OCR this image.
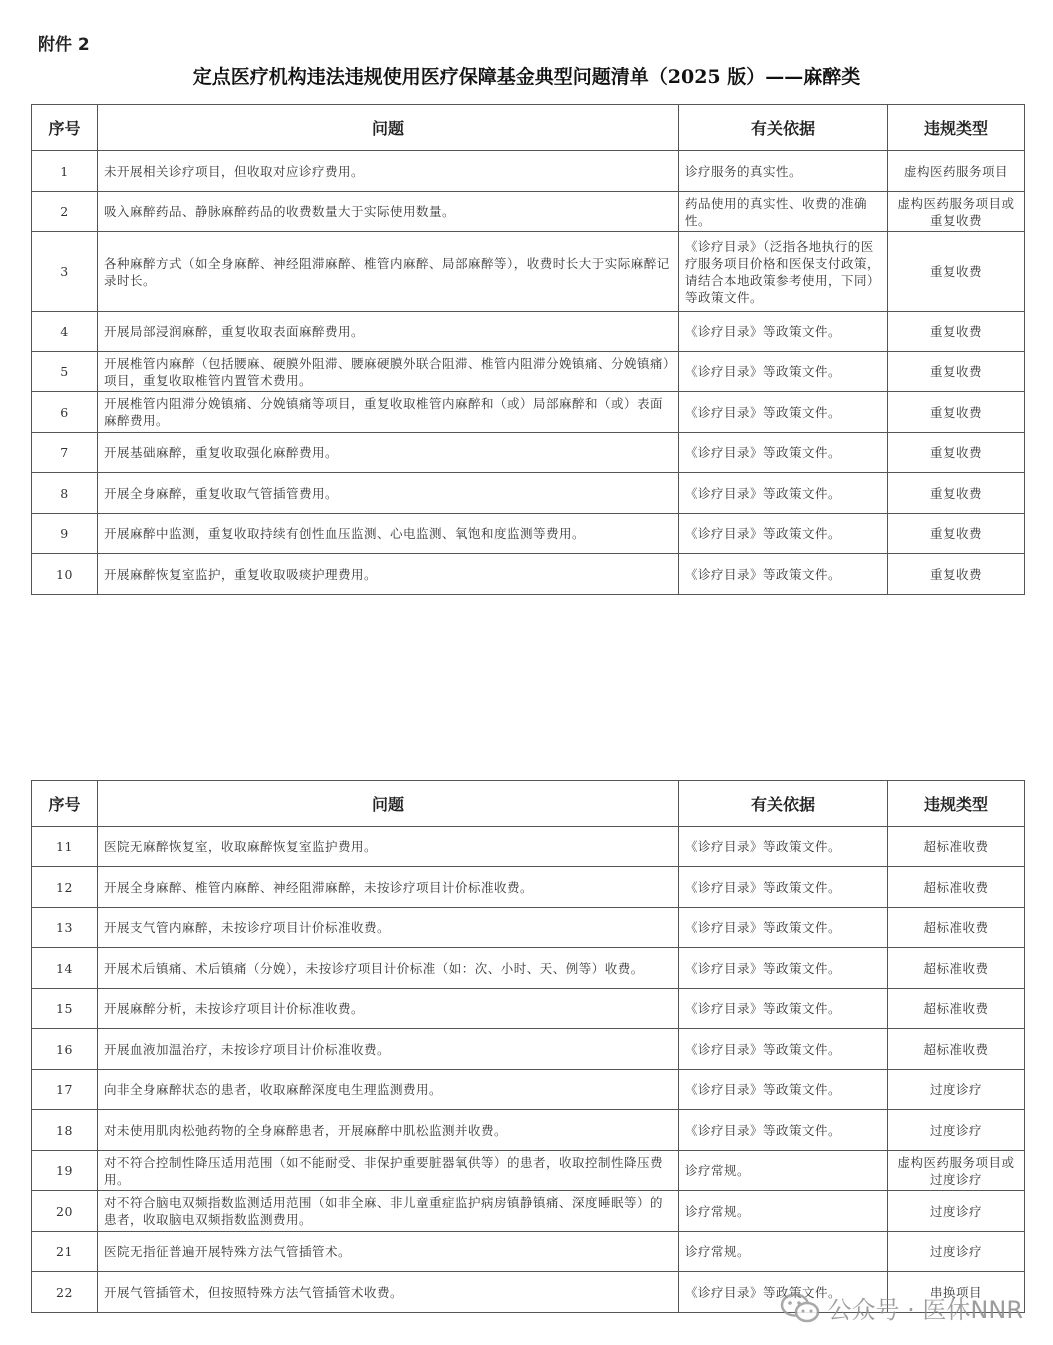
附件 2
定点医疗机构违法违规使用医疗保障基金典型问题清单（2025 版）——麻醉类
序号	问题	有关依据	违规类型
1	未开展相关诊疗项目，但收取对应诊疗费用。	诊疗服务的真实性。	虚构医药服务项目
2	吸入麻醉药品、静脉麻醉药品的收费数量大于实际使用数量。	药品使用的真实性、收费的准确性。	虚构医药服务项目或重复收费
3	各种麻醉方式（如全身麻醉、神经阻滞麻醉、椎管内麻醉、局部麻醉等），收费时长大于实际麻醉记录时长。	《诊疗目录》（泛指各地执行的医疗服务项目价格和医保支付政策，请结合本地政策参考使用，下同）等政策文件。	重复收费
4	开展局部浸润麻醉，重复收取表面麻醉费用。	《诊疗目录》等政策文件。	重复收费
5	开展椎管内麻醉（包括腰麻、硬膜外阻滞、腰麻硬膜外联合阻滞、椎管内阻滞分娩镇痛、分娩镇痛）项目，重复收取椎管内置管术费用。	《诊疗目录》等政策文件。	重复收费
6	开展椎管内阻滞分娩镇痛、分娩镇痛等项目，重复收取椎管内麻醉和（或）局部麻醉和（或）表面麻醉费用。	《诊疗目录》等政策文件。	重复收费
7	开展基础麻醉，重复收取强化麻醉费用。	《诊疗目录》等政策文件。	重复收费
8	开展全身麻醉，重复收取气管插管费用。	《诊疗目录》等政策文件。	重复收费
9	开展麻醉中监测，重复收取持续有创性血压监测、心电监测、氧饱和度监测等费用。	《诊疗目录》等政策文件。	重复收费
10	开展麻醉恢复室监护，重复收取吸痰护理费用。	《诊疗目录》等政策文件。	重复收费
序号	问题	有关依据	违规类型
11	医院无麻醉恢复室，收取麻醉恢复室监护费用。	《诊疗目录》等政策文件。	超标准收费
12	开展全身麻醉、椎管内麻醉、神经阻滞麻醉，未按诊疗项目计价标准收费。	《诊疗目录》等政策文件。	超标准收费
13	开展支气管内麻醉，未按诊疗项目计价标准收费。	《诊疗目录》等政策文件。	超标准收费
14	开展术后镇痛、术后镇痛（分娩），未按诊疗项目计价标准（如：次、小时、天、例等）收费。	《诊疗目录》等政策文件。	超标准收费
15	开展麻醉分析，未按诊疗项目计价标准收费。	《诊疗目录》等政策文件。	超标准收费
16	开展血液加温治疗，未按诊疗项目计价标准收费。	《诊疗目录》等政策文件。	超标准收费
17	向非全身麻醉状态的患者，收取麻醉深度电生理监测费用。	《诊疗目录》等政策文件。	过度诊疗
18	对未使用肌肉松弛药物的全身麻醉患者，开展麻醉中肌松监测并收费。	《诊疗目录》等政策文件。	过度诊疗
19	对不符合控制性降压适用范围（如不能耐受、非保护重要脏器氧供等）的患者，收取控制性降压费用。	诊疗常规。	虚构医药服务项目或过度诊疗
20	对不符合脑电双频指数监测适用范围（如非全麻、非儿童重症监护病房镇静镇痛、深度睡眠等）的患者，收取脑电双频指数监测费用。	诊疗常规。	过度诊疗
21	医院无指征普遍开展特殊方法气管插管术。	诊疗常规。	过度诊疗
22	开展气管插管术，但按照特殊方法气管插管术收费。	《诊疗目录》等政策文件。	串换项目
公众号 · 医休NNR
